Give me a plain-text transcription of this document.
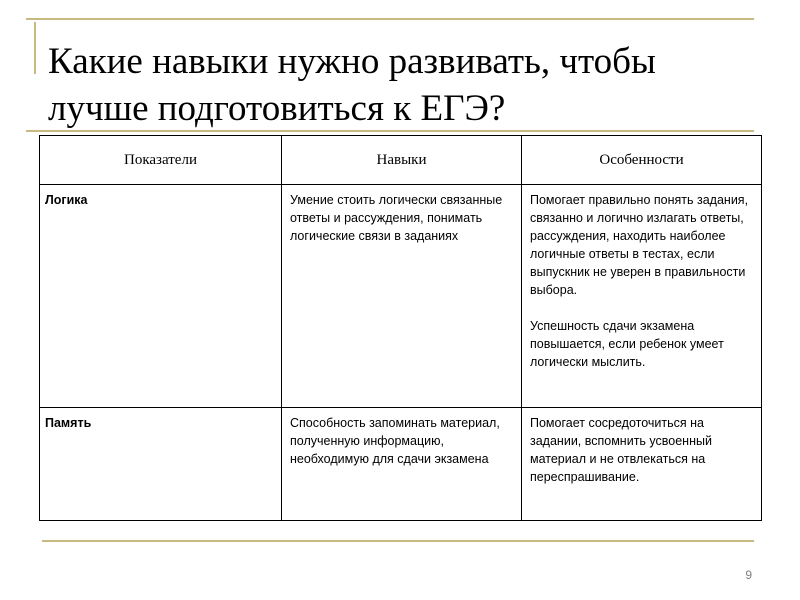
Какие навыки нужно развивать, чтобы лучше подготовиться к ЕГЭ?
Показатели	Навыки	Особенности

Логика	Умение стоить логически связанные ответы и рассуждения, понимать логические связи в заданиях	Помогает правильно понять задания, связанно и логично излагать ответы, рассуждения, находить наиболее логичные ответы в тестах, если выпускник не уверен в правильности выбора.
Успешность сдачи экзамена повышается, если ребенок умеет логически мыслить.

Память	Способность запоминать материал, полученную информацию, необходимую для сдачи экзамена	Помогает сосредоточиться на задании, вспомнить усвоенный материал и не отвлекаться на переспрашивание.
9
